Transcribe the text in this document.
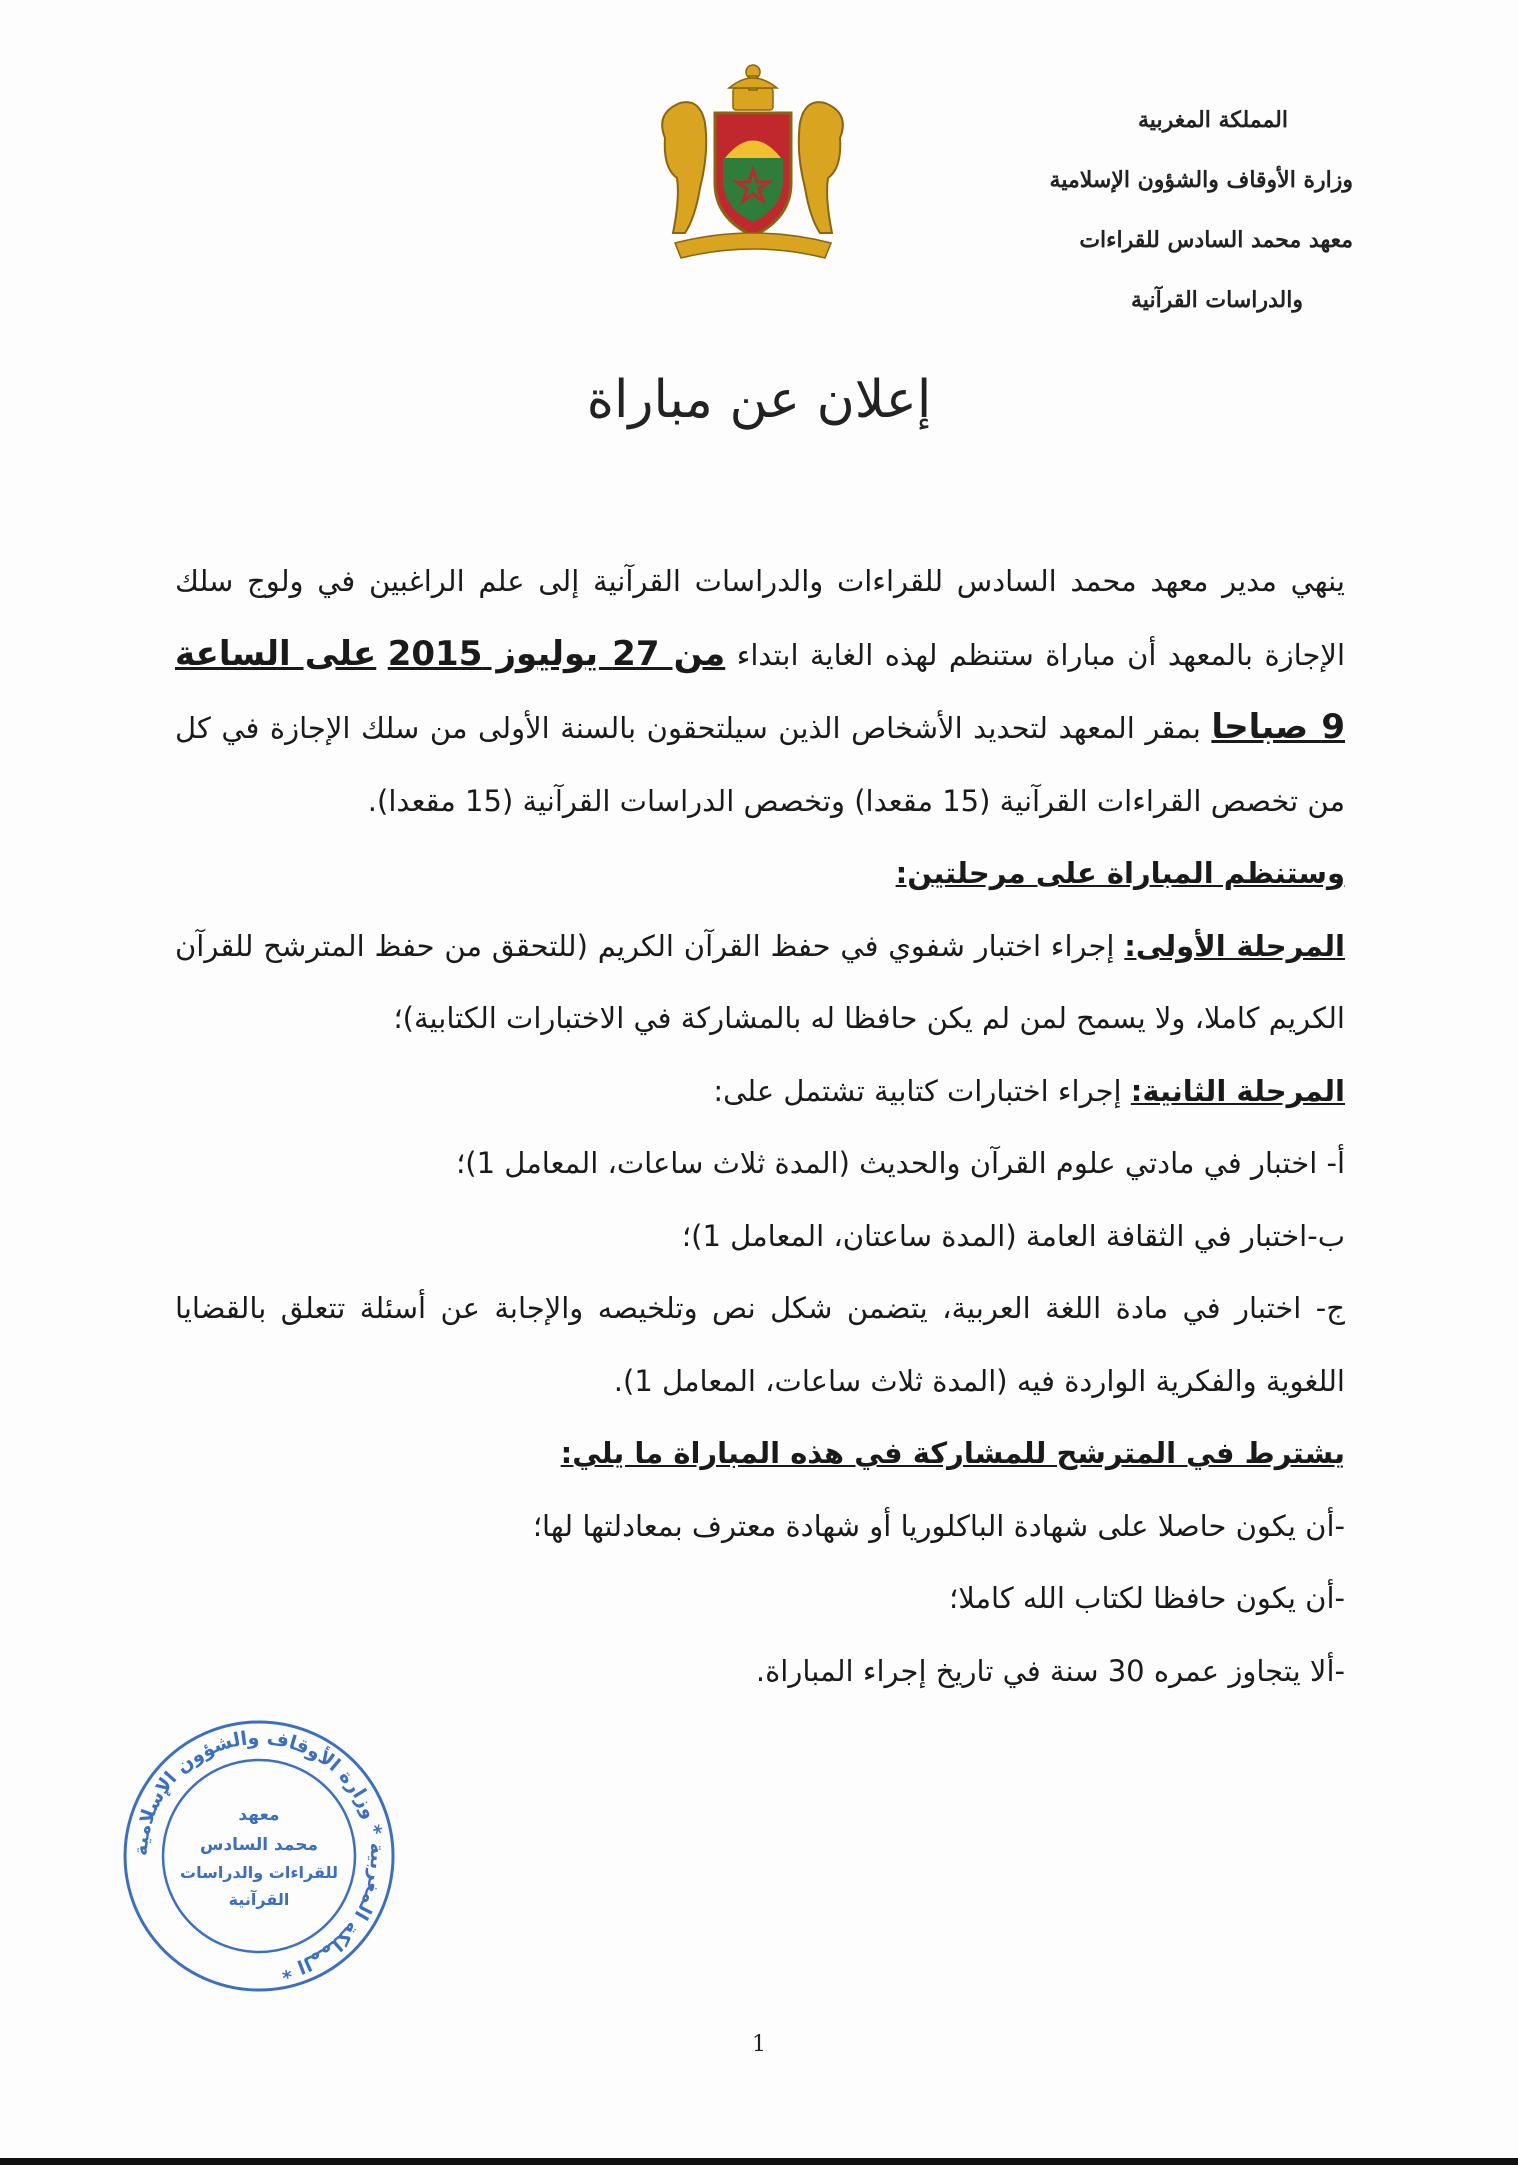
المملكة المغربية
وزارة الأوقاف والشؤون الإسلامية
معهد محمد السادس للقراءات
والدراسات القرآنية
إعلان عن مباراة

ينهي مدير معهد محمد السادس للقراءات والدراسات القرآنية إلى علم الراغبين في ولوج سلك الإجازة بالمعهد أن مباراة ستنظم لهذه الغاية ابتداء من 27 يوليوز 2015 على الساعة 9 صباحا بمقر المعهد لتحديد الأشخاص الذين سيلتحقون بالسنة الأولى من سلك الإجازة في كل من تخصص القراءات القرآنية (15 مقعدا) وتخصص الدراسات القرآنية (15 مقعدا).

وستنظم المباراة على مرحلتين:

المرحلة الأولى: إجراء اختبار شفوي في حفظ القرآن الكريم (للتحقق من حفظ المترشح للقرآن الكريم كاملا، ولا يسمح لمن لم يكن حافظا له بالمشاركة في الاختبارات الكتابية)؛

المرحلة الثانية: إجراء اختبارات كتابية تشتمل على:

أ- اختبار في مادتي علوم القرآن والحديث (المدة ثلاث ساعات، المعامل 1)؛

ب-اختبار في الثقافة العامة (المدة ساعتان، المعامل 1)؛

ج- اختبار في مادة اللغة العربية، يتضمن شكل نص وتلخيصه والإجابة عن أسئلة تتعلق بالقضايا اللغوية والفكرية الواردة فيه (المدة ثلاث ساعات، المعامل 1).

يشترط في المترشح للمشاركة في هذه المباراة ما يلي:

-أن يكون حاصلا على شهادة الباكلوريا أو شهادة معترف بمعادلتها لها؛

-أن يكون حافظا لكتاب الله كاملا؛

-ألا يتجاوز عمره 30 سنة في تاريخ إجراء المباراة.

المملكة المغربية * وزارة الأوقاف والشؤون الإسلامية *
معهد
محمد السادس
للقراءات والدراسات
القرآنية
1
